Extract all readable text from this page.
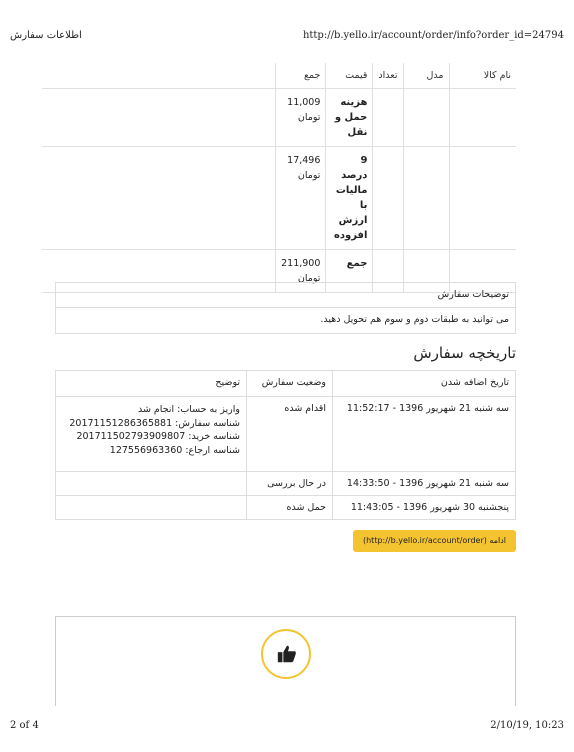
اطلاعات سفارش	http://b.yello.ir/account/order/info?order_id=24794
نام کالا	مدل	تعداد	قیمت	جمع	
			هزینه حمل و نقل	11,009 تومان	
			9 درصد مالیات با ارزش افزوده	17,496 تومان	
			جمع	211,900 تومان	
توضیحات سفارش
می توانید به طبقات دوم و سوم هم تحویل دهید.
تاریخچه سفارش
تاریخ اضافه شدن	وضعیت سفارش	توضیح
سه شنبه 21 شهریور 1396 - 11:52:17	اقدام شده	واریز به حساب: انجام شد
شناسه سفارش: 20171151286365881
شناسه خرید: 201711502793909807
شناسه ارجاع: 127556963360

سه شنبه 21 شهریور 1396 - 14:33:50	در حال بررسی	
پنجشنبه 30 شهریور 1396 - 11:43:05	حمل شده	
ادامه (http://b.yello.ir/account/order)
2 of 4	2/10/19, 10:23
